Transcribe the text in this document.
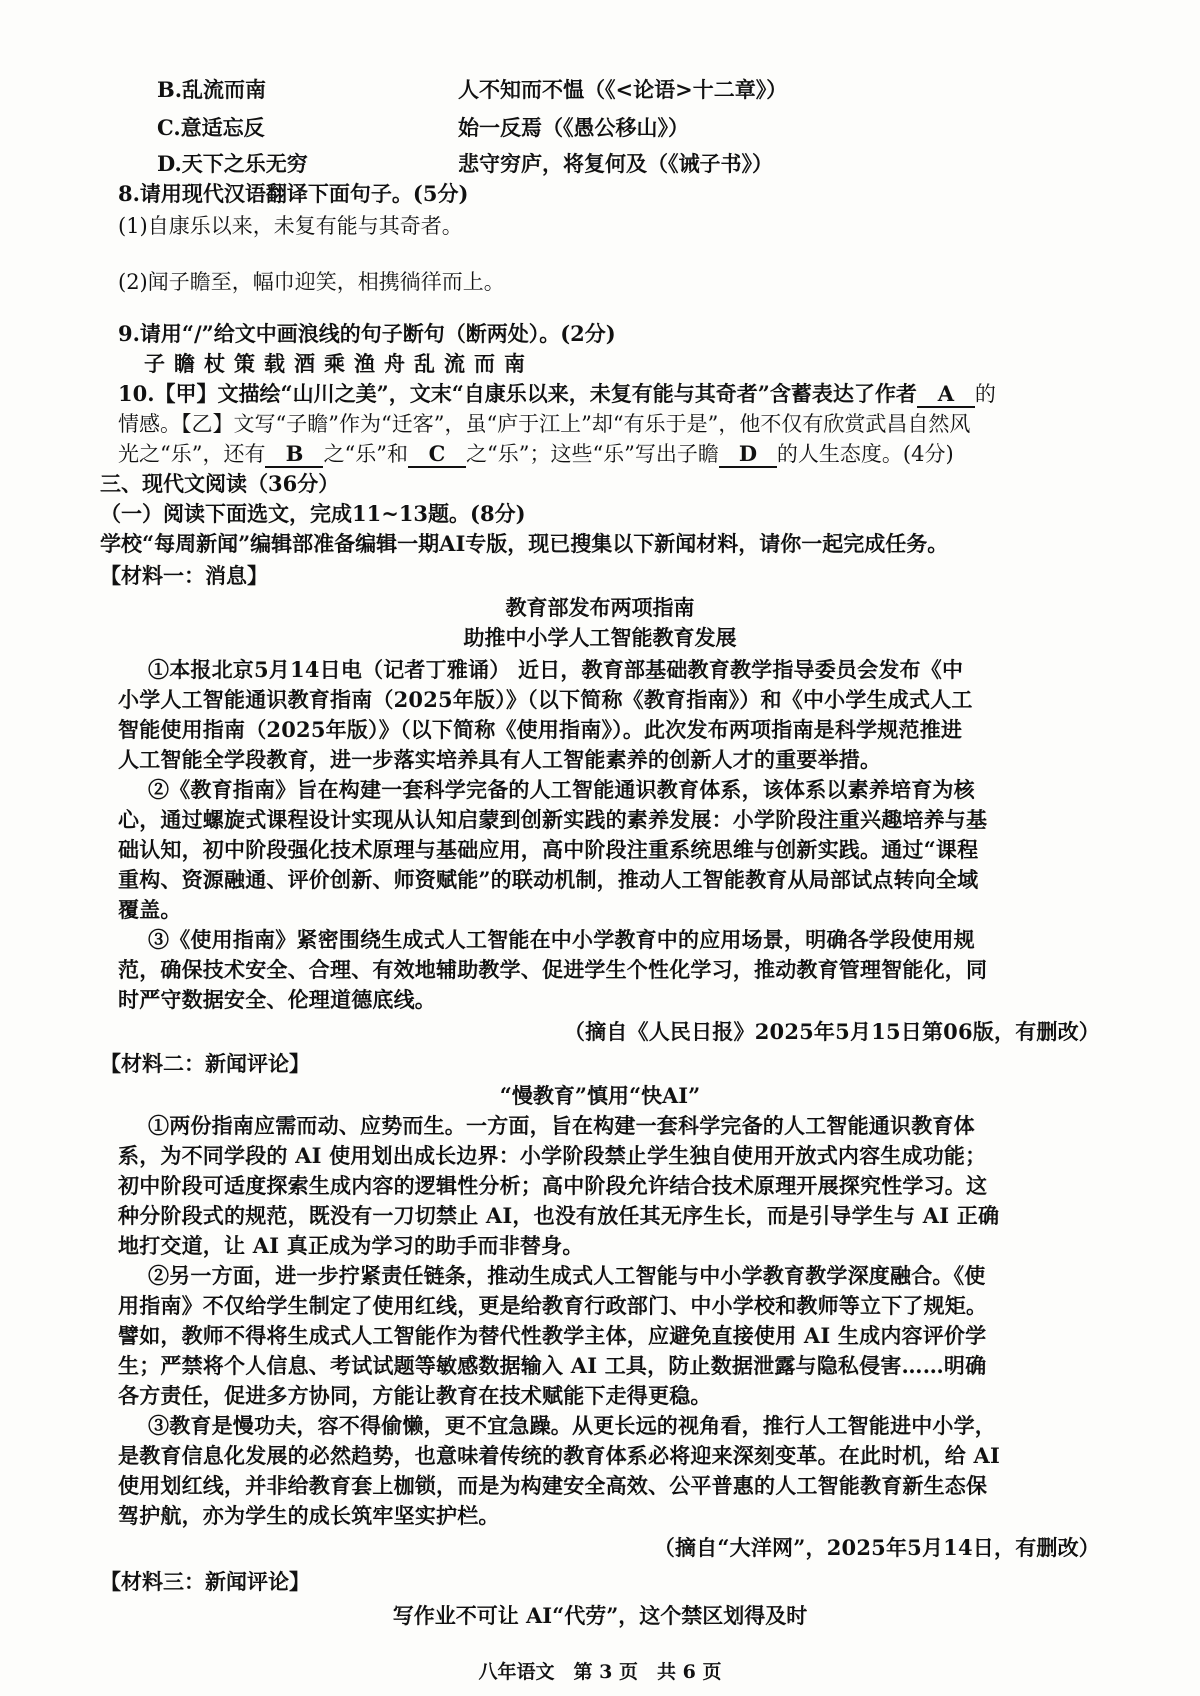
B.乱流而南	人不知而不愠（《<论语>十二章》）
C.意适忘反	始一反焉（《愚公移山》）
D.天下之乐无穷	悲守穷庐，将复何及（《诫子书》）
8.请用现代汉语翻译下面句子。(5分)
(1)自康乐以来，未复有能与其奇者。
(2)闻子瞻至，幅巾迎笑，相携徜徉而上。
9.请用“/”给文中画浪线的句子断句（断两处）。(2分)
子 瞻 杖 策 载 酒 乘 渔 舟 乱 流 而 南
10.【甲】文描绘“山川之美”，文末“自康乐以来，未复有能与其奇者”含蓄表达了作者 A 的
情感。【乙】文写“子瞻”作为“迁客”，虽“庐于江上”却“有乐于是”，他不仅有欣赏武昌自然风
光之“乐”，还有 B 之“乐”和 C 之“乐”；这些“乐”写出子瞻 D 的人生态度。(4分)
三、现代文阅读（36分）
（一）阅读下面选文，完成11~13题。(8分)
学校“每周新闻”编辑部准备编辑一期AI专版，现已搜集以下新闻材料，请你一起完成任务。
【材料一：消息】
教育部发布两项指南
助推中小学人工智能教育发展
①本报北京5月14日电（记者丁雅诵） 近日，教育部基础教育教学指导委员会发布《中
小学人工智能通识教育指南（2025年版）》（以下简称《教育指南》）和《中小学生成式人工
智能使用指南（2025年版）》（以下简称《使用指南》）。此次发布两项指南是科学规范推进
人工智能全学段教育，进一步落实培养具有人工智能素养的创新人才的重要举措。
②《教育指南》旨在构建一套科学完备的人工智能通识教育体系，该体系以素养培育为核
心，通过螺旋式课程设计实现从认知启蒙到创新实践的素养发展：小学阶段注重兴趣培养与基
础认知，初中阶段强化技术原理与基础应用，高中阶段注重系统思维与创新实践。通过“课程
重构、资源融通、评价创新、师资赋能”的联动机制，推动人工智能教育从局部试点转向全域
覆盖。
③《使用指南》紧密围绕生成式人工智能在中小学教育中的应用场景，明确各学段使用规
范，确保技术安全、合理、有效地辅助教学、促进学生个性化学习，推动教育管理智能化，同
时严守数据安全、伦理道德底线。
（摘自《人民日报》2025年5月15日第06版，有删改）
【材料二：新闻评论】
“慢教育”慎用“快AI”
①两份指南应需而动、应势而生。一方面，旨在构建一套科学完备的人工智能通识教育体
系，为不同学段的 AI 使用划出成长边界：小学阶段禁止学生独自使用开放式内容生成功能；
初中阶段可适度探索生成内容的逻辑性分析；高中阶段允许结合技术原理开展探究性学习。这
种分阶段式的规范，既没有一刀切禁止 AI，也没有放任其无序生长，而是引导学生与 AI 正确
地打交道，让 AI 真正成为学习的助手而非替身。
②另一方面，进一步拧紧责任链条，推动生成式人工智能与中小学教育教学深度融合。《使
用指南》不仅给学生制定了使用红线，更是给教育行政部门、中小学校和教师等立下了规矩。
譬如，教师不得将生成式人工智能作为替代性教学主体，应避免直接使用 AI 生成内容评价学
生；严禁将个人信息、考试试题等敏感数据输入 AI 工具，防止数据泄露与隐私侵害……明确
各方责任，促进多方协同，方能让教育在技术赋能下走得更稳。
③教育是慢功夫，容不得偷懒，更不宜急躁。从更长远的视角看，推行人工智能进中小学，
是教育信息化发展的必然趋势，也意味着传统的教育体系必将迎来深刻变革。在此时机，给 AI
使用划红线，并非给教育套上枷锁，而是为构建安全高效、公平普惠的人工智能教育新生态保
驾护航，亦为学生的成长筑牢坚实护栏。
（摘自“大洋网”，2025年5月14日，有删改）
【材料三：新闻评论】
写作业不可让 AI“代劳”，这个禁区划得及时
八年语文　第 3 页　共 6 页
